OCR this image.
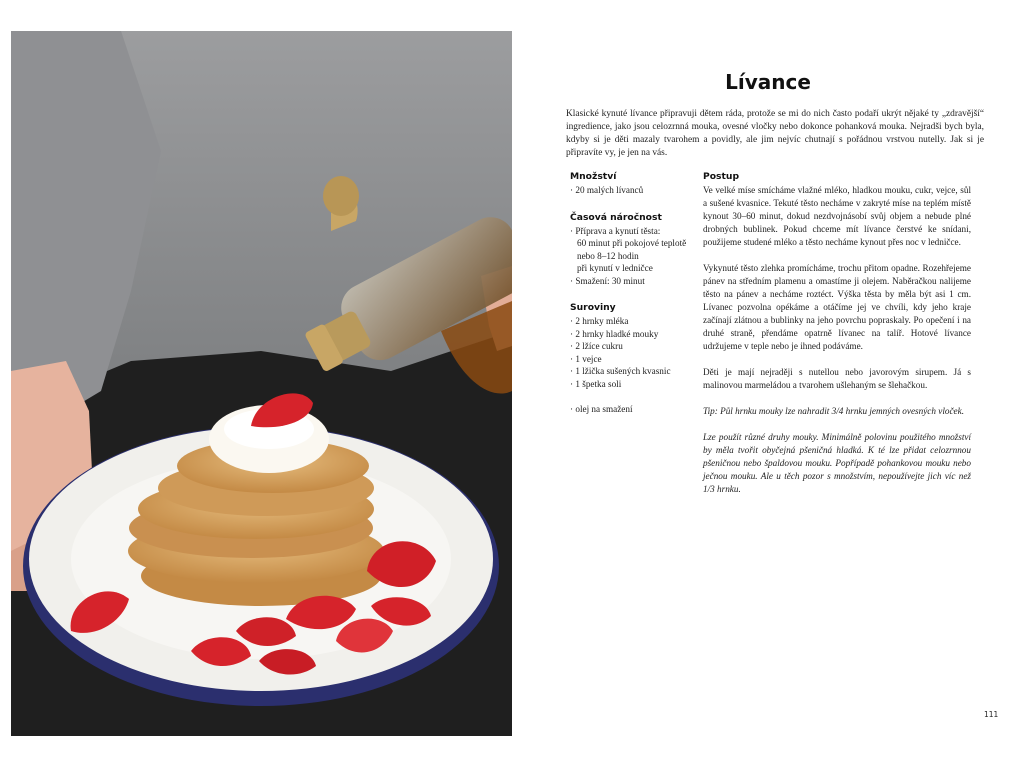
Lívance

Klasické kynuté lívance připravuji dětem ráda, protože se mi do nich často podaří ukrýt nějaké ty „zdravější“ ingredience, jako jsou celozrnná mouka, ovesné vločky nebo dokonce pohanková mouka. Nejradši bych byla, kdyby si je děti mazaly tvarohem a povidly, ale jim nejvíc chutnají s pořádnou vrstvou nutelly. Jak si je připravíte vy, je jen na vás.

Množství
· 20 malých lívanců
Časová náročnost
· Příprava a kynutí těsta:
60 minut při pokojové teplotě
nebo 8–12 hodin
při kynutí v ledničce
· Smažení: 30 minut
Suroviny
· 2 hrnky mléka
· 2 hrnky hladké mouky
· 2 lžíce cukru
· 1 vejce
· 1 lžička sušených kvasnic
· 1 špetka soli

· olej na smažení
Postup

Ve velké míse smícháme vlažné mléko, hladkou mouku, cukr, vejce, sůl a sušené kvasnice. Tekuté těsto necháme v zakryté míse na teplém místě kynout 30–60 minut, dokud nezdvojnásobí svůj objem a nebude plné drobných bublinek. Pokud chceme mít lívance čerstvé ke snídani, použijeme studené mléko a těsto necháme kynout přes noc v ledničce.

Vykynuté těsto zlehka promícháme, trochu přitom opadne. Rozehřejeme pánev na středním plamenu a omastíme ji olejem. Naběračkou nalijeme těsto na pánev a necháme roztéct. Výška těsta by měla být asi 1 cm. Lívanec pozvolna opékáme a otáčíme jej ve chvíli, kdy jeho kraje začínají zlátnou a bublinky na jeho povrchu popraskaly. Po opečení i na druhé straně, přendáme opatrně lívanec na talíř. Hotové lívance udržujeme v teple nebo je ihned podáváme.

Děti je mají nejraději s nutellou nebo javorovým sirupem. Já s malinovou marmeládou a tvarohem ušlehaným se šlehačkou.

Tip: Půl hrnku mouky lze nahradit 3/4 hrnku jemných ovesných vloček.

Lze použít různé druhy mouky. Minimálně polovinu použitého množství by měla tvořit obyčejná pšeničná hladká. K té lze přidat celozrnnou pšeničnou nebo špaldovou mouku. Popřípadě pohankovou mouku nebo ječnou mouku. Ale u těch pozor s množstvím, nepoužívejte jich víc než 1/3 hrnku.

111
